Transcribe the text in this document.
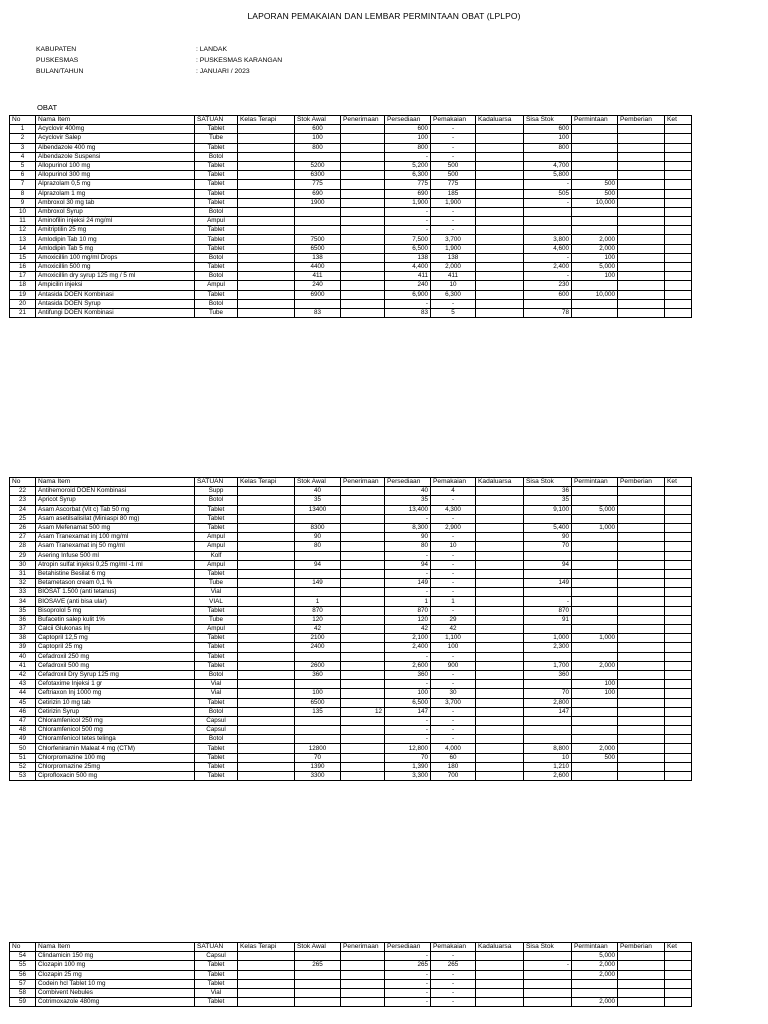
LAPORAN PEMAKAIAN DAN LEMBAR PERMINTAAN OBAT (LPLPO)
KABUPATEN	: LANDAK
PUSKESMAS	: PUSKESMAS KARANGAN
BULAN/TAHUN	: JANUARI / 2023
OBAT
No	Nama Item	SATUAN	Kelas Terapi	Stok Awal	Penerimaan	Persediaan	Pemakaian	Kadaluarsa	Sisa Stok	Permintaan	Pemberian	Ket
1	Acyclovir 400mg	Tablet		600		600	-		600			
2	Acyclovir Salep	Tube		100		100	-		100			
3	Albendazole 400 mg	Tablet		800		800	-		800			
4	Albendazole Suspensi	Botol				-	-					
5	Allopurinol 100 mg	Tablet		5200		5,200	500		4,700			
6	Allopurinol 300 mg	Tablet		6300		6,300	500		5,800			
7	Alprazolam 0,5 mg	Tablet		775		775	775		-	500		
8	Alprazolam 1 mg	Tablet		690		690	185		505	500		
9	Ambroxol 30 mg tab	Tablet		1900		1,900	1,900		-	10,000		
10	Ambroxol Syrup	Botol				-	-					
11	Aminofilin injeksi 24 mg/ml	Ampul				-	-					
12	Amitriptilin 25 mg	Tablet				-	-					
13	Amlodipin Tab 10 mg	Tablet		7500		7,500	3,700		3,800	2,000		
14	Amlodipin Tab 5 mg	Tablet		6500		6,500	1,900		4,600	2,000		
15	Amoxicillin 100 mg/ml Drops	Botol		138		138	138		-	100		
16	Amoxicillin 500 mg	Tablet		4400		4,400	2,000		2,400	5,000		
17	Amoxicillin dry syrup 125 mg / 5 ml	Botol		411		411	411		-	100		
18	Ampicilin injeksi	Ampul		240		240	10		230			
19	Antasida DOEN Kombinasi	Tablet		6900		6,900	6,300		600	10,000		
20	Antasida DOEN Syrup	Botol				-	-					
21	Antifungi DOEN Kombinasi	Tube		83		83	5		78			
No	Nama Item	SATUAN	Kelas Terapi	Stok Awal	Penerimaan	Persediaan	Pemakaian	Kadaluarsa	Sisa Stok	Permintaan	Pemberian	Ket
22	Antihemoroid DOEN Kombinasi	Supp		40		40	4		36			
23	Apricot Syrup	Botol		35		35	-		35			
24	Asam Ascorbat (Vit c) Tab 50 mg	Tablet		13400		13,400	4,300		9,100	5,000		
25	Asam asetilsalisilat (Miniaspi 80 mg)	Tablet				-	-					
26	Asam Mefenamat 500 mg	Tablet		8300		8,300	2,900		5,400	1,000		
27	Asam Tranexamat inj 100 mg/ml	Ampul		90		90	-		90			
28	Asam Tranexamat inj 50 mg/ml	Ampul		80		80	10		70			
29	Asering Infuse 500 ml	Kolf				-	-					
30	Atropin sulfat injeksi 0,25 mg/ml -1 ml	Ampul		94		94	-		94			
31	Betahistine Besilat 6 mg	Tablet				-	-					
32	Betametason cream 0,1 %	Tube		149		149	-		149			
33	BIOSAT 1.500 (anti tetanus)	Vial				-	-					
34	BIOSAVE (anti bisa ular)	VIAL		1		1	1		-			
35	Bisoprolol 5 mg	Tablet		870		870	-		870			
36	Bufacetin salep kulit 1%	Tube		120		120	29		91			
37	Calcii Glukonas Inj	Ampul		42		42	42					
38	Captopril 12,5 mg	Tablet		2100		2,100	1,100		1,000	1,000		
39	Captopril 25 mg	Tablet		2400		2,400	100		2,300			
40	Cefadroxil 250 mg	Tablet				-	-					
41	Cefadroxil 500 mg	Tablet		2600		2,600	900		1,700	2,000		
42	Cefadroxil Dry Syrup 125 mg	Botol		360		360	-		360			
43	Cefotaxime Injeksi 1 gr	Vial				-	-			100		
44	Ceftriaxon Inj 1000 mg	Vial		100		100	30		70	100		
45	Cetirizin 10 mg tab	Tablet		6500		6,500	3,700		2,800			
46	Cetirizin Syrup	Botol		135	12	147	-		147			
47	Chloramfenicol 250 mg	Capsul				-	-					
48	Chloramfenicol 500 mg	Capsul				-	-					
49	Chloramfenicol tetes telinga	Botol				-	-					
50	Chlorfeniramin Maleat 4 mg (CTM)	Tablet		12800		12,800	4,000		8,800	2,000		
51	Chlorpromazine 100 mg	Tablet		70		70	60		10	500		
52	Chlorpromazine 25mg	Tablet		1390		1,390	180		1,210			
53	Ciprofloxacin 500 mg	Tablet		3300		3,300	700		2,600			
No	Nama Item	SATUAN	Kelas Terapi	Stok Awal	Penerimaan	Persediaan	Pemakaian	Kadaluarsa	Sisa Stok	Permintaan	Pemberian	Ket
54	Clindamicin 150 mg	Capsul				-	-			5,000		
55	Clozapin 100 mg	Tablet		265		265	265		-	2,000		
56	Clozapin 25 mg	Tablet				-	-			2,000		
57	Codein hcl Tablet 10 mg	Tablet				-	-					
58	Combivent Nebules	Vial				-	-					
59	Cotrimoxazole 480mg	Tablet				-	-			2,000		
